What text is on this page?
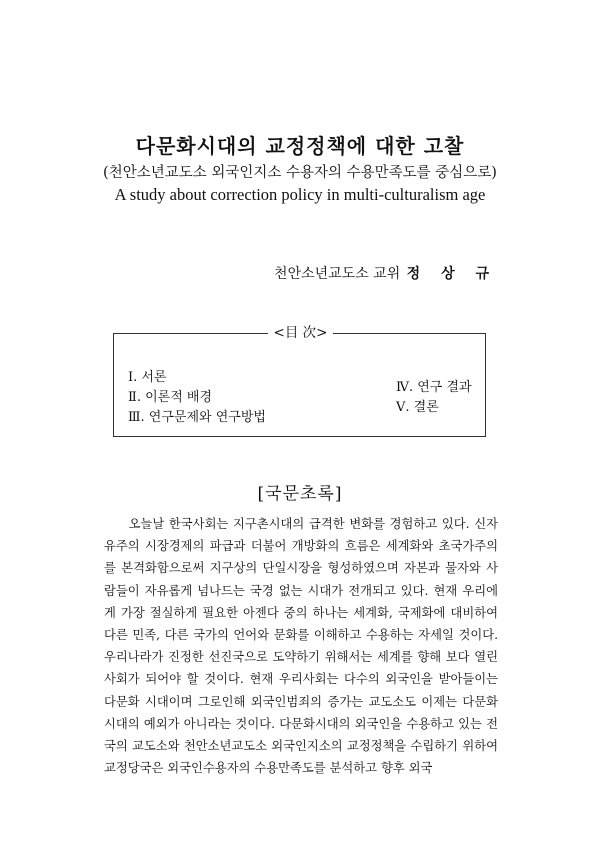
다문화시대의 교정정책에 대한 고찰
(천안소년교도소 외국인지소 수용자의 수용만족도를 중심으로)
A study about correction policy in multi-culturalism age
천안소년교도소 교위 정 상 규
<目 次>
Ⅰ. 서론
Ⅱ. 이론적 배경
Ⅲ. 연구문제와 연구방법
Ⅳ. 연구 결과
Ⅴ. 결론
[국문초록]

오늘날 한국사회는 지구촌시대의 급격한 변화를 경험하고 있다. 신자유주의 시장경제의 파급과 더불어 개방화의 흐름은 세계화와 초국가주의를 본격화함으로써 지구상의 단일시장을 형성하였으며 자본과 물자와 사람들이 자유롭게 넘나드는 국경 없는 시대가 전개되고 있다. 현재 우리에게 가장 절실하게 필요한 아젠다 중의 하나는 세계화, 국제화에 대비하여 다른 민족, 다른 국가의 언어와 문화를 이해하고 수용하는 자세일 것이다. 우리나라가 진정한 선진국으로 도약하기 위해서는 세계를 향해 보다 열린사회가 되어야 할 것이다. 현재 우리사회는 다수의 외국인을 받아들이는 다문화 시대이며 그로인해 외국인범죄의 증가는 교도소도 이제는 다문화 시대의 예외가 아니라는 것이다. 다문화시대의 외국인을 수용하고 있는 전국의 교도소와 천안소년교도소 외국인지소의 교정정책을 수립하기 위하여 교정당국은 외국인수용자의 수용만족도를 분석하고 향후 외국
